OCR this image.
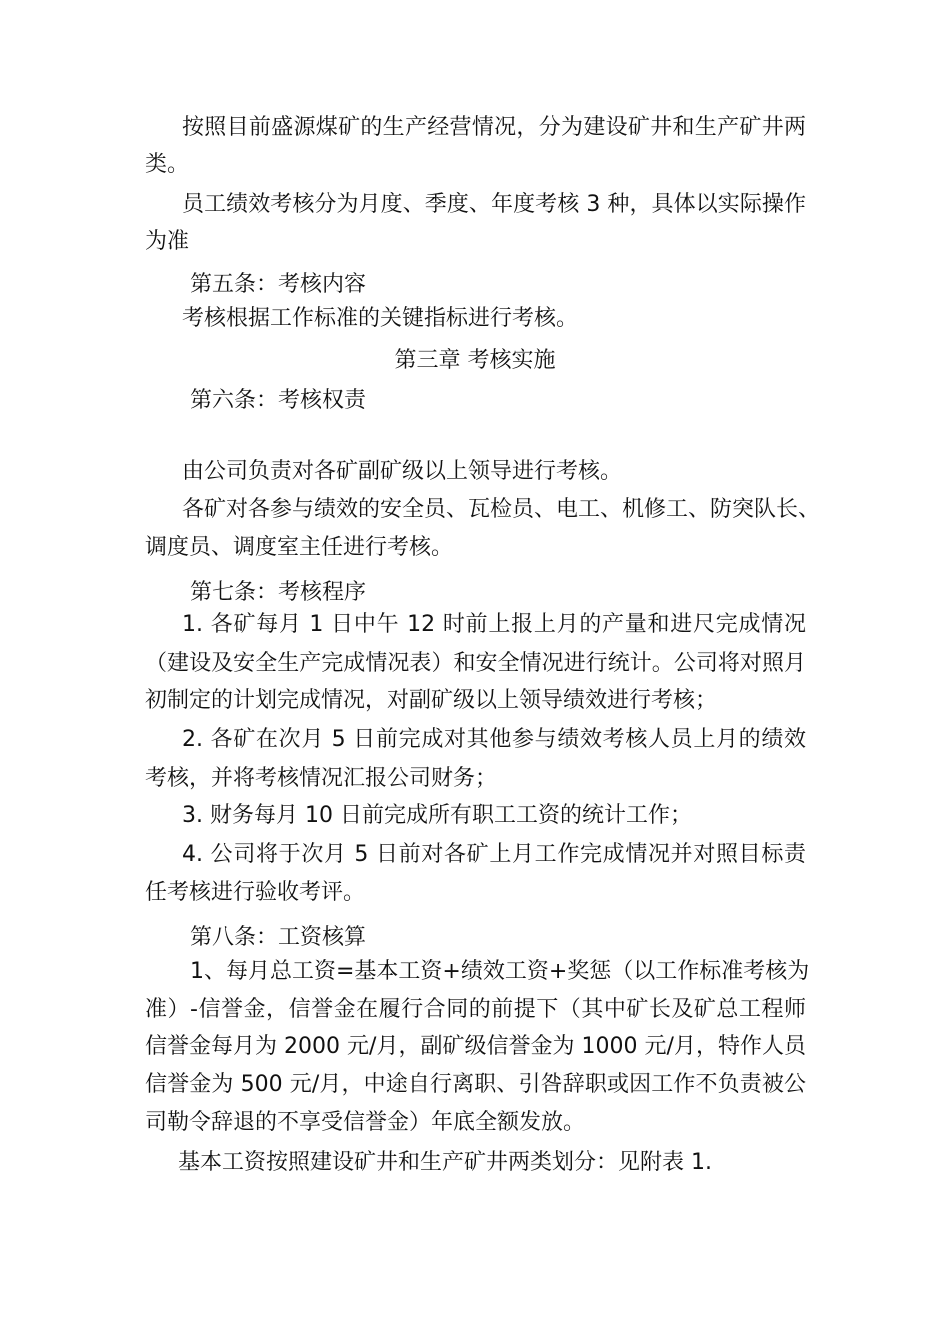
按照目前盛源煤矿的生产经营情况，分为建设矿井和生产矿井两
类。
员工绩效考核分为月度、季度、年度考核 3 种，具体以实际操作
为准
第五条：考核内容
考核根据工作标准的关键指标进行考核。
第三章 考核实施
第六条：考核权责
由公司负责对各矿副矿级以上领导进行考核。
各矿对各参与绩效的安全员、瓦检员、电工、机修工、防突队长、
调度员、调度室主任进行考核。
第七条：考核程序
1. 各矿每月 1 日中午 12 时前上报上月的产量和进尺完成情况
（建设及安全生产完成情况表）和安全情况进行统计。公司将对照月
初制定的计划完成情况，对副矿级以上领导绩效进行考核；
2. 各矿在次月 5 日前完成对其他参与绩效考核人员上月的绩效
考核，并将考核情况汇报公司财务；
3. 财务每月 10 日前完成所有职工工资的统计工作；
4. 公司将于次月 5 日前对各矿上月工作完成情况并对照目标责
任考核进行验收考评。
第八条：工资核算
1、每月总工资=基本工资+绩效工资+奖惩（以工作标准考核为
准）-信誉金，信誉金在履行合同的前提下（其中矿长及矿总工程师
信誉金每月为 2000 元/月，副矿级信誉金为 1000 元/月，特作人员
信誉金为 500 元/月，中途自行离职、引咎辞职或因工作不负责被公
司勒令辞退的不享受信誉金）年底全额发放。
基本工资按照建设矿井和生产矿井两类划分：见附表 1.
